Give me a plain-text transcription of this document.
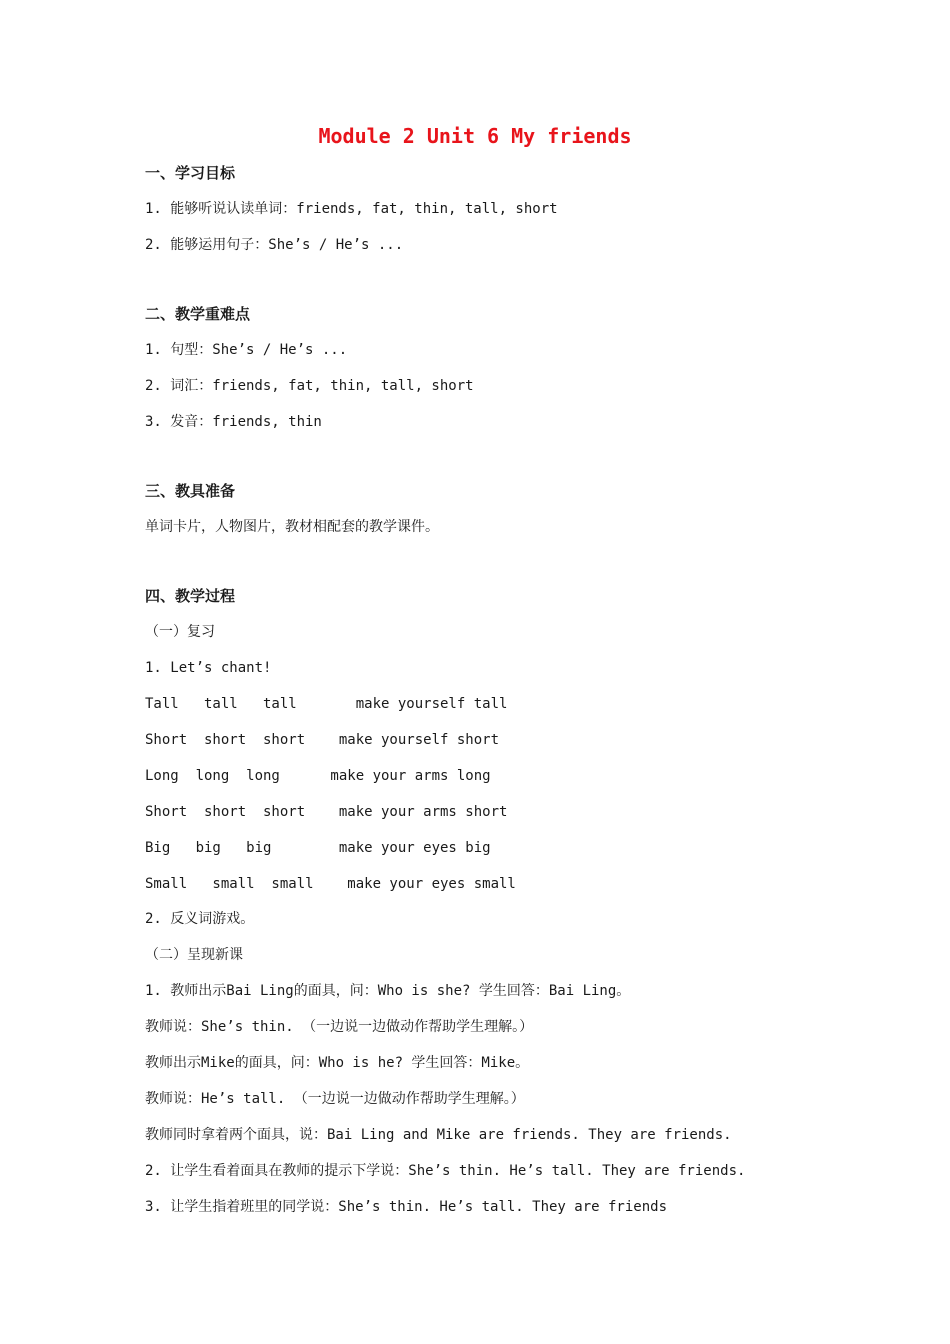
Module 2 Unit 6 My friends
一、学习目标
1. 能够听说认读单词：friends, fat, thin, tall, short
2. 能够运用句子：She’s / He’s ...
二、教学重难点
1. 句型：She’s / He’s ...
2. 词汇：friends, fat, thin, tall, short
3. 发音：friends, thin
三、教具准备
单词卡片，人物图片，教材相配套的教学课件。
四、教学过程
（一）复习
1. Let’s chant!
Tall   tall   tall       make yourself tall
Short  short  short    make yourself short
Long  long  long      make your arms long
Short  short  short    make your arms short
Big   big   big        make your eyes big
Small   small  small    make your eyes small
2. 反义词游戏。
（二）呈现新课
1. 教师出示Bai Ling的面具，问：Who is she? 学生回答：Bai Ling。
教师说：She’s thin. （一边说一边做动作帮助学生理解。）
教师出示Mike的面具，问：Who is he? 学生回答：Mike。
教师说：He’s tall. （一边说一边做动作帮助学生理解。）
教师同时拿着两个面具，说：Bai Ling and Mike are friends. They are friends.
2. 让学生看着面具在教师的提示下学说：She’s thin. He’s tall. They are friends.
3. 让学生指着班里的同学说：She’s thin. He’s tall. They are friends
